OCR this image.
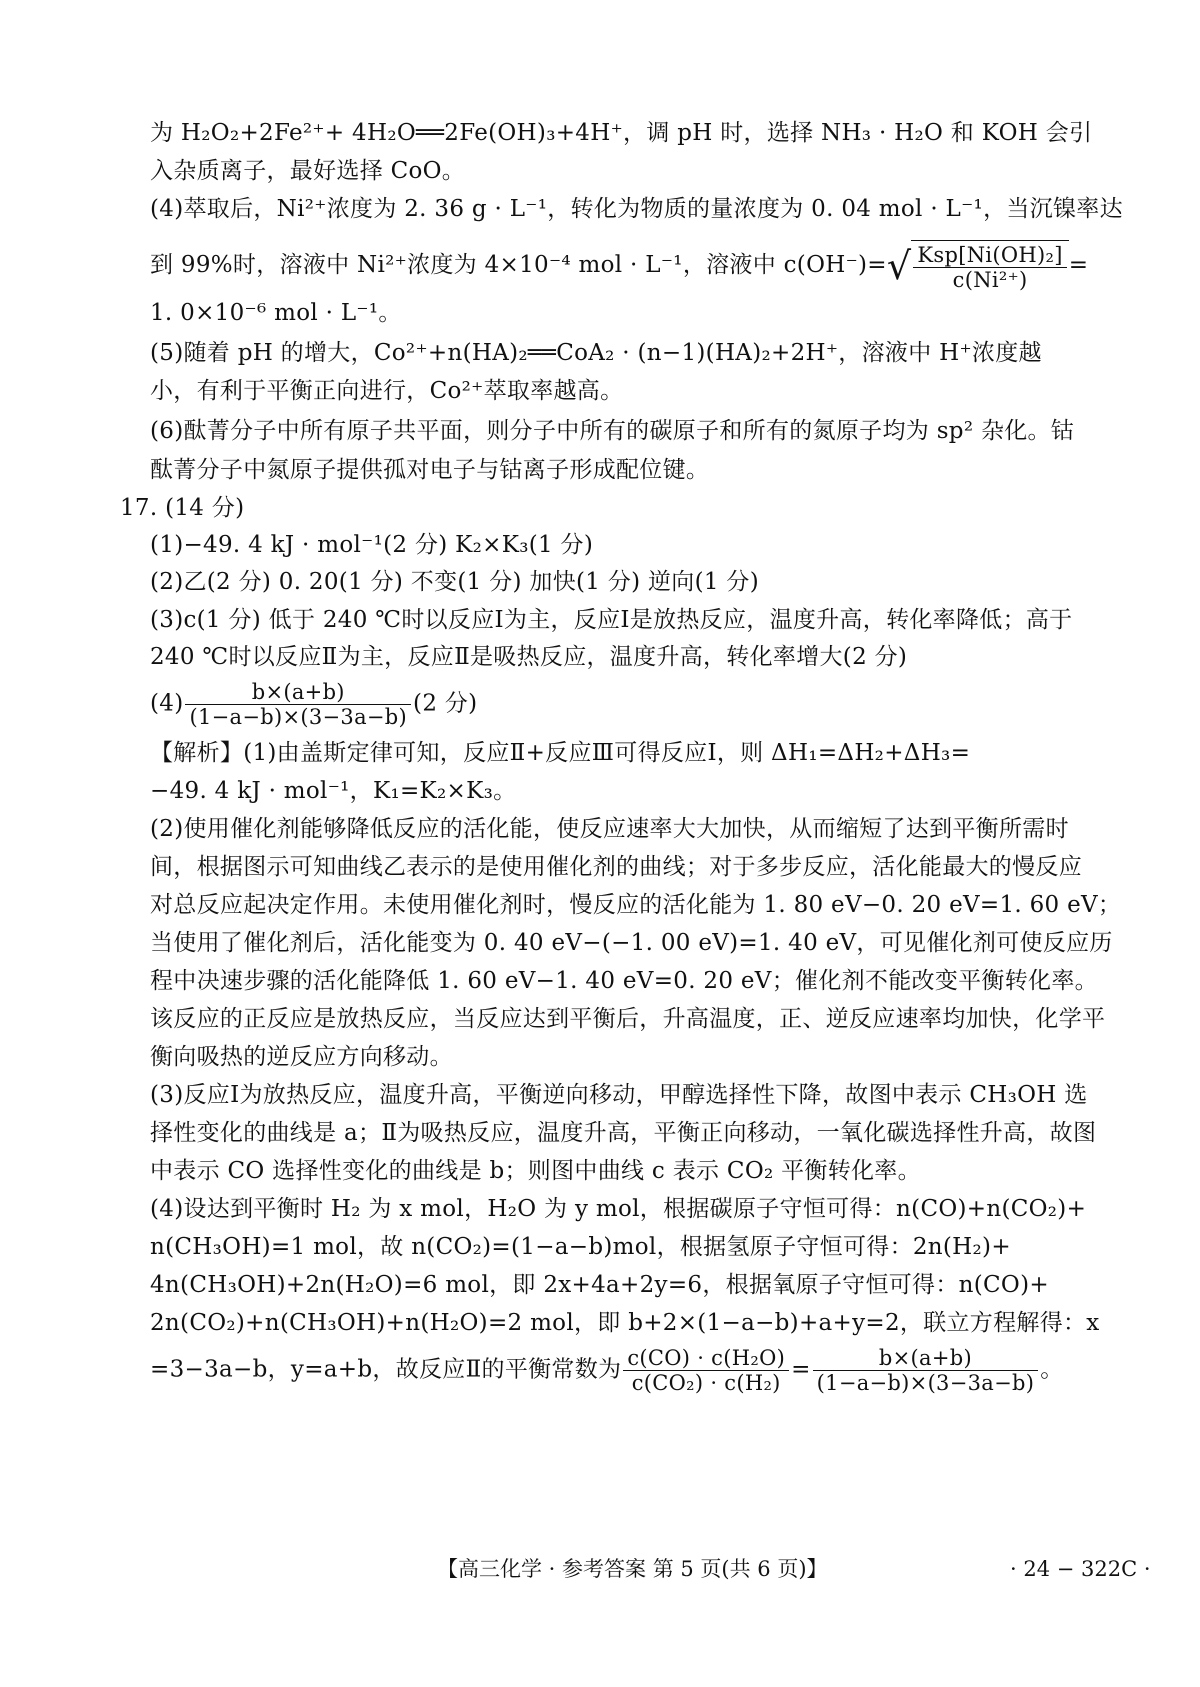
为 H₂O₂+2Fe²⁺+ 4H₂O══2Fe(OH)₃+4H⁺，调 pH 时，选择 NH₃ · H₂O 和 KOH 会引
入杂质离子，最好选择 CoO。
(4)萃取后，Ni²⁺浓度为 2. 36 g · L⁻¹，转化为物质的量浓度为 0. 04 mol · L⁻¹，当沉镍率达
到 99%时，溶液中 Ni²⁺浓度为 4×10⁻⁴ mol · L⁻¹，溶液中 $c(OH^-)=√ \frac{\text{Ksp[Ni(OH)₂]}}{\text{c(Ni²⁺)}}$ =
1. 0×10⁻⁶ mol · L⁻¹。
(5)随着 pH 的增大，Co²⁺+n(HA)₂══CoA₂ · (n−1)(HA)₂+2H⁺，溶液中 H⁺浓度越
小，有利于平衡正向进行，Co²⁺萃取率越高。
(6)酞菁分子中所有原子共平面，则分子中所有的碳原子和所有的氮原子均为 sp² 杂化。钴
酞菁分子中氮原子提供孤对电子与钴离子形成配位键。
17. (14 分)
(1)−49. 4 kJ · mol⁻¹(2 分) K₂×K₃(1 分)
(2)乙(2 分) 0. 20(1 分) 不变(1 分) 加快(1 分) 逆向(1 分)
(3)c(1 分) 低于 240 ℃时以反应Ⅰ为主，反应Ⅰ是放热反应，温度升高，转化率降低；高于
240 ℃时以反应Ⅱ为主，反应Ⅱ是吸热反应，温度升高，转化率增大(2 分)
$(4) \frac{b\times(a+b)}{(1-a-b)\times(3-3a-b)} (2$ 分)
【解析】(1)由盖斯定律可知，反应Ⅱ+反应Ⅲ可得反应Ⅰ，则 ΔH₁=ΔH₂+ΔH₃=
−49. 4 kJ · mol⁻¹，K₁=K₂×K₃。
(2)使用催化剂能够降低反应的活化能，使反应速率大大加快，从而缩短了达到平衡所需时
间，根据图示可知曲线乙表示的是使用催化剂的曲线；对于多步反应，活化能最大的慢反应
对总反应起决定作用。未使用催化剂时，慢反应的活化能为 1. 80 eV−0. 20 eV=1. 60 eV；
当使用了催化剂后，活化能变为 0. 40 eV−(−1. 00 eV)=1. 40 eV，可见催化剂可使反应历
程中决速步骤的活化能降低 1. 60 eV−1. 40 eV=0. 20 eV；催化剂不能改变平衡转化率。
该反应的正反应是放热反应，当反应达到平衡后，升高温度，正、逆反应速率均加快，化学平
衡向吸热的逆反应方向移动。
(3)反应Ⅰ为放热反应，温度升高，平衡逆向移动，甲醇选择性下降，故图中表示 CH₃OH 选
择性变化的曲线是 a；Ⅱ为吸热反应，温度升高，平衡正向移动，一氧化碳选择性升高，故图
中表示 CO 选择性变化的曲线是 b；则图中曲线 c 表示 CO₂ 平衡转化率。
(4)设达到平衡时 H₂ 为 x mol，H₂O 为 y mol，根据碳原子守恒可得：n(CO)+n(CO₂)+
n(CH₃OH)=1 mol，故 n(CO₂)=(1−a−b)mol，根据氢原子守恒可得：2n(H₂)+
4n(CH₃OH)+2n(H₂O)=6 mol，即 2x+4a+2y=6，根据氧原子守恒可得：n(CO)+
2n(CO₂)+n(CH₃OH)+n(H₂O)=2 mol，即 b+2×(1−a−b)+a+y=2，联立方程解得：x
=3−3a−b，y=a+b，故反应Ⅱ的平衡常数为 $\frac{\text{c(CO) · c(H₂O)}}{\text{c(CO₂) · c(H₂)}} = \frac{b\times(a+b)}{(1-a-b)\times(3-3a-b)}$ 。
【高三化学 · 参考答案 第 5 页(共 6 页)】	· 24 − 322C ·
